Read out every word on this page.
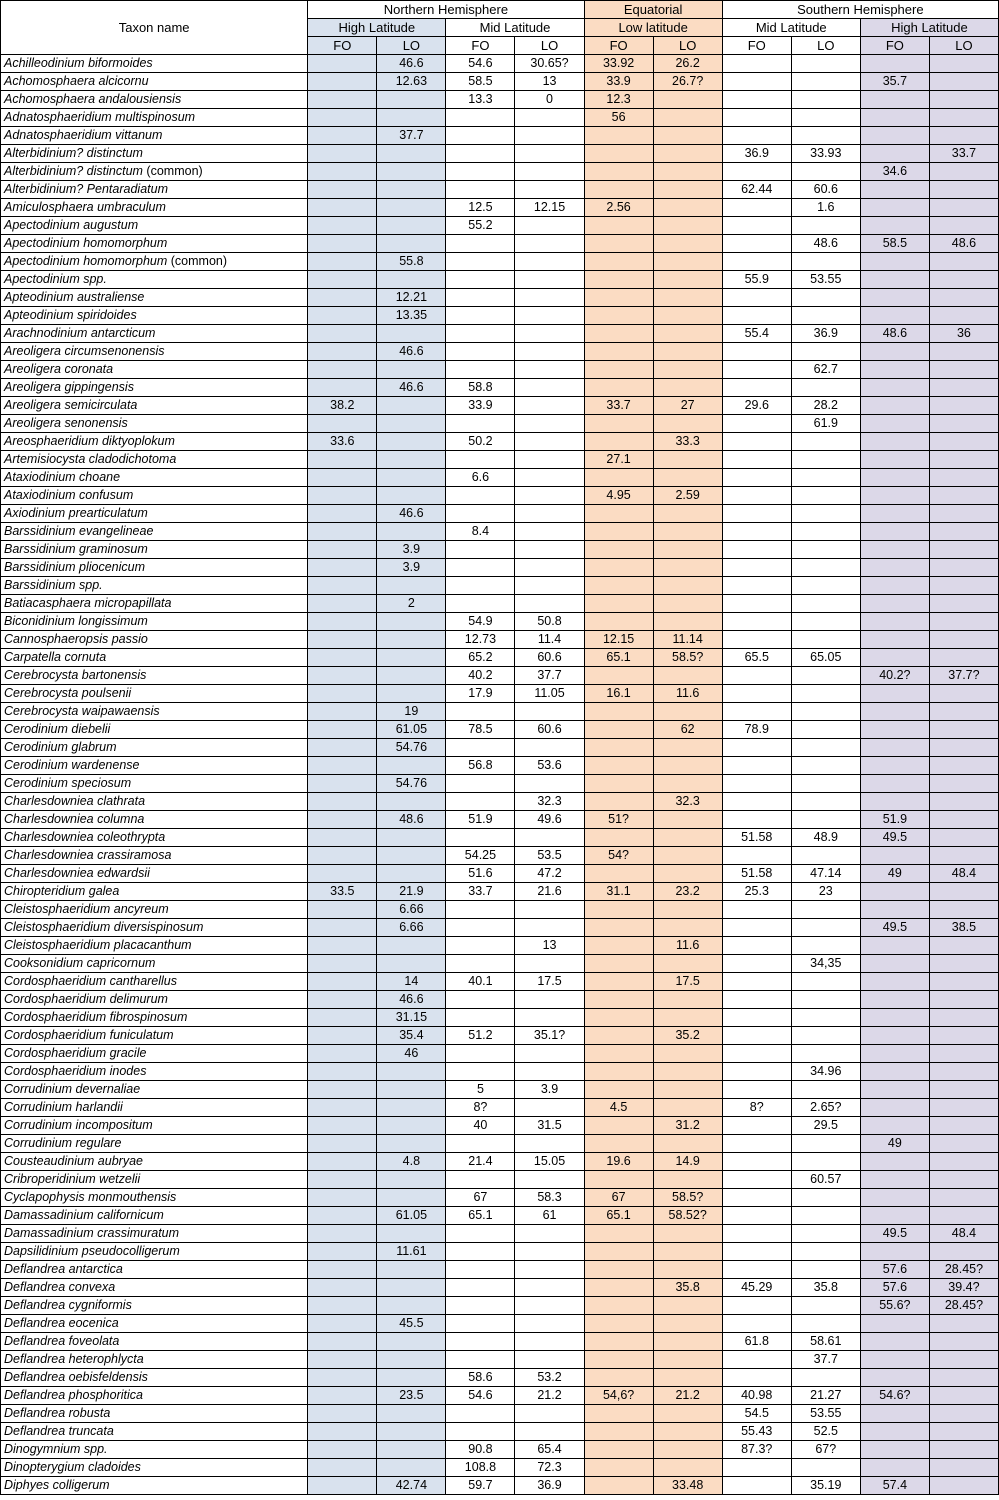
Taxon name	Northern Hemisphere				Equatorial		Southern Hemisphere			
	High Latitude		Mid Latitude		Low latitude		Mid Latitude		High Latitude	
	FO	LO	FO	LO	FO	LO	FO	LO	FO	LO
Achilleodinium biformoides		46.6	54.6	30.65?	33.92	26.2				
Achomosphaera alcicornu		12.63	58.5	13	33.9	26.7?			35.7	
Achomosphaera andalousiensis			13.3	0	12.3					
Adnatosphaeridium multispinosum					56					
Adnatosphaeridium vittanum		37.7								
Alterbidinium? distinctum							36.9	33.93		33.7
Alterbidinium? distinctum (common)									34.6	
Alterbidinium? Pentaradiatum							62.44	60.6		
Amiculosphaera umbraculum			12.5	12.15	2.56			1.6		
Apectodinium augustum			55.2							
Apectodinium homomorphum								48.6	58.5	48.6
Apectodinium homomorphum (common)		55.8								
Apectodinium spp.							55.9	53.55		
Apteodinium australiense		12.21								
Apteodinium spiridoides		13.35								
Arachnodinium antarcticum							55.4	36.9	48.6	36
Areoligera circumsenonensis		46.6								
Areoligera coronata								62.7		
Areoligera gippingensis		46.6	58.8							
Areoligera semicirculata	38.2		33.9		33.7	27	29.6	28.2		
Areoligera senonensis								61.9		
Areosphaeridium diktyoplokum	33.6		50.2			33.3				
Artemisiocysta cladodichotoma					27.1					
Ataxiodinium choane			6.6							
Ataxiodinium confusum					4.95	2.59				
Axiodinium prearticulatum		46.6								
Barssidinium evangelineae			8.4							
Barssidinium graminosum		3.9								
Barssidinium pliocenicum		3.9								
Barssidinium spp.										
Batiacasphaera micropapillata		2								
Biconidinium longissimum			54.9	50.8						
Cannosphaeropsis passio			12.73	11.4	12.15	11.14				
Carpatella cornuta			65.2	60.6	65.1	58.5?	65.5	65.05		
Cerebrocysta bartonensis			40.2	37.7					40.2?	37.7?
Cerebrocysta poulsenii			17.9	11.05	16.1	11.6				
Cerebrocysta waipawaensis		19								
Cerodinium diebelii		61.05	78.5	60.6		62	78.9			
Cerodinium glabrum		54.76								
Cerodinium wardenense			56.8	53.6						
Cerodinium speciosum		54.76								
Charlesdowniea clathrata				32.3		32.3				
Charlesdowniea columna		48.6	51.9	49.6	51?				51.9	
Charlesdowniea coleothrypta							51.58	48.9	49.5	
Charlesdowniea crassiramosa			54.25	53.5	54?					
Charlesdowniea edwardsii			51.6	47.2			51.58	47.14	49	48.4
Chiropteridium galea	33.5	21.9	33.7	21.6	31.1	23.2	25.3	23		
Cleistosphaeridium ancyreum		6.66								
Cleistosphaeridium diversispinosum		6.66							49.5	38.5
Cleistosphaeridium placacanthum				13		11.6				
Cooksonidium capricornum								34,35		
Cordosphaeridium cantharellus		14	40.1	17.5		17.5				
Cordosphaeridium delimurum		46.6								
Cordosphaeridium fibrospinosum		31.15								
Cordosphaeridium funiculatum		35.4	51.2	35.1?		35.2				
Cordosphaeridium gracile		46								
Cordosphaeridium inodes								34.96		
Corrudinium devernaliae			5	3.9						
Corrudinium harlandii			8?		4.5		8?	2.65?		
Corrudinium incompositum			40	31.5		31.2		29.5		
Corrudinium regulare									49	
Cousteaudinium aubryae		4.8	21.4	15.05	19.6	14.9				
Cribroperidinium wetzelii								60.57		
Cyclapophysis monmouthensis			67	58.3	67	58.5?				
Damassadinium californicum		61.05	65.1	61	65.1	58.52?				
Damassadinium crassimuratum									49.5	48.4
Dapsilidinium pseudocolligerum		11.61								
Deflandrea antarctica									57.6	28.45?
Deflandrea convexa						35.8	45.29	35.8	57.6	39.4?
Deflandrea cygniformis									55.6?	28.45?
Deflandrea eocenica		45.5								
Deflandrea foveolata							61.8	58.61		
Deflandrea heterophlycta								37.7		
Deflandrea oebisfeldensis			58.6	53.2						
Deflandrea phosphoritica		23.5	54.6	21.2	54,6?	21.2	40.98	21.27	54.6?	
Deflandrea robusta							54.5	53.55		
Deflandrea truncata							55.43	52.5		
Dinogymnium spp.			90.8	65.4			87.3?	67?		
Dinopterygium cladoides			108.8	72.3						
Diphyes colligerum		42.74	59.7	36.9		33.48		35.19	57.4	
